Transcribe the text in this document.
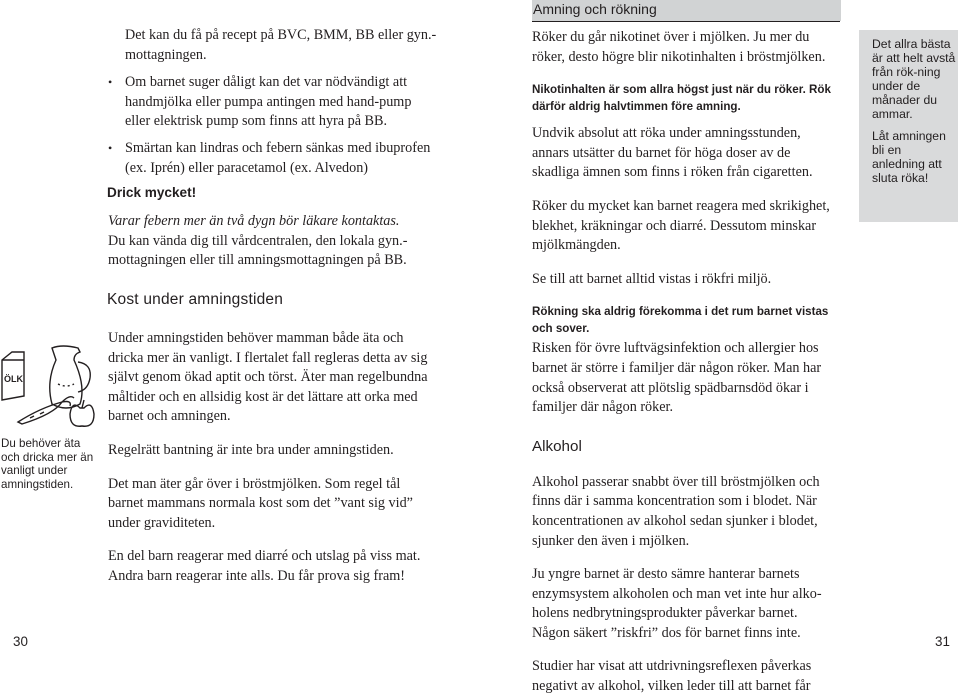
Det kan du få på recept på BVC, BMM, BB eller gyn.-mottagningen.

• Om barnet suger dåligt kan det var nödvändigt att handmjölka eller pumpa antingen med hand-pump eller elektrisk pump som finns att hyra på BB.
• Smärtan kan lindras och febern sänkas med ibuprofen (ex. Iprén) eller paracetamol (ex. Alvedon)
Drick mycket!

Varar febern mer än två dygn bör läkare kontaktas.

Du kan vända dig till vårdcentralen, den lokala gyn.-mottagningen eller till amningsmottagningen på BB.

Kost under amningstiden

Under amningstiden behöver mamman både äta och dricka mer än vanligt. I flertalet fall regleras detta av sig självt genom ökad aptit och törst. Äter man regelbundna måltider och en allsidig kost är det lättare att orka med barnet och amningen.

Regelrätt bantning är inte bra under amningstiden.

Det man äter går över i bröstmjölken. Som regel tål barnet mammans normala kost som det ”vant sig vid” under graviditeten.

En del barn reagerar med diarré och utslag på viss mat. Andra barn reagerar inte alls. Du får prova sig fram!

ÖLK
Du behöver äta och dricka mer än vanligt under amningstiden.
30
Amning och rökning

Röker du går nikotinet över i mjölken. Ju mer du röker, desto högre blir nikotinhalten i bröstmjölken.

Nikotinhalten är som allra högst just när du röker. Rök därför aldrig halvtimmen före amning.

Undvik absolut att röka under amningsstunden, annars utsätter du barnet för höga doser av de skadliga ämnen som finns i röken från cigaretten.

Röker du mycket kan barnet reagera med skrikighet, blekhet, kräkningar och diarré. Dessutom minskar mjölkmängden.

Se till att barnet alltid vistas i rökfri miljö.

Rökning ska aldrig förekomma i det rum barnet vistas och sover.

Risken för övre luftvägsinfektion och allergier hos barnet är större i familjer där någon röker. Man har också observerat att plötslig spädbarnsdöd ökar i familjer där någon röker.

Alkohol

Alkohol passerar snabbt över till bröstmjölken och finns där i samma koncentration som i blodet. När koncentrationen av alkohol sedan sjunker i blodet, sjunker den även i mjölken.

Ju yngre barnet är desto sämre hanterar barnets enzymsystem alkoholen och man vet inte hur alko-holens nedbrytningsprodukter påverkar barnet. Någon säkert ”riskfri” dos för barnet finns inte.

Studier har visat att utdrivningsreflexen påverkas negativt av alkohol, vilken leder till att barnet får

Det allra bästa är att helt avstå från rök-ning under de månader du ammar.

Låt amningen bli en anledning att sluta röka!

31
